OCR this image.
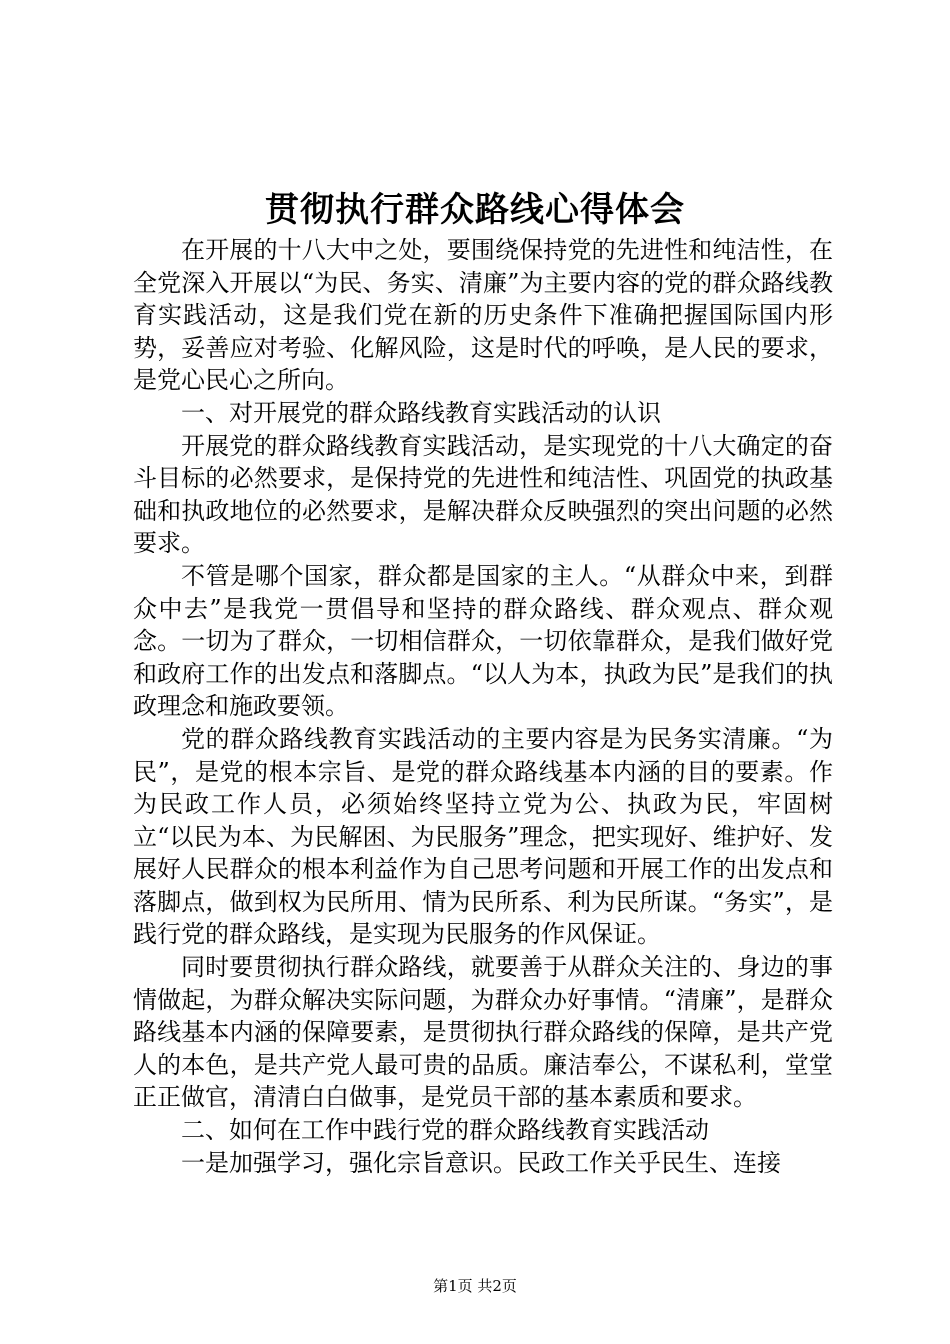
贯彻执行群众路线心得体会

在开展的十八大中之处，要围绕保持党的先进性和纯洁性，在全党深入开展以“为民、务实、清廉”为主要内容的党的群众路线教育实践活动，这是我们党在新的历史条件下准确把握国际国内形势，妥善应对考验、化解风险，这是时代的呼唤，是人民的要求，是党心民心之所向。

一、对开展党的群众路线教育实践活动的认识

开展党的群众路线教育实践活动，是实现党的十八大确定的奋斗目标的必然要求，是保持党的先进性和纯洁性、巩固党的执政基础和执政地位的必然要求，是解决群众反映强烈的突出问题的必然要求。

不管是哪个国家，群众都是国家的主人。“从群众中来，到群众中去”是我党一贯倡导和坚持的群众路线、群众观点、群众观念。一切为了群众，一切相信群众，一切依靠群众，是我们做好党和政府工作的出发点和落脚点。“以人为本，执政为民”是我们的执政理念和施政要领。

党的群众路线教育实践活动的主要内容是为民务实清廉。“为民”，是党的根本宗旨、是党的群众路线基本内涵的目的要素。作为民政工作人员，必须始终坚持立党为公、执政为民，牢固树立“以民为本、为民解困、为民服务”理念，把实现好、维护好、发展好人民群众的根本利益作为自己思考问题和开展工作的出发点和落脚点，做到权为民所用、情为民所系、利为民所谋。“务实”，是践行党的群众路线，是实现为民服务的作风保证。

同时要贯彻执行群众路线，就要善于从群众关注的、身边的事情做起，为群众解决实际问题，为群众办好事情。“清廉”，是群众路线基本内涵的保障要素，是贯彻执行群众路线的保障，是共产党人的本色，是共产党人最可贵的品质。廉洁奉公，不谋私利，堂堂正正做官，清清白白做事，是党员干部的基本素质和要求。

二、如何在工作中践行党的群众路线教育实践活动

一是加强学习，强化宗旨意识。民政工作关乎民生、连接

第1页 共2页
